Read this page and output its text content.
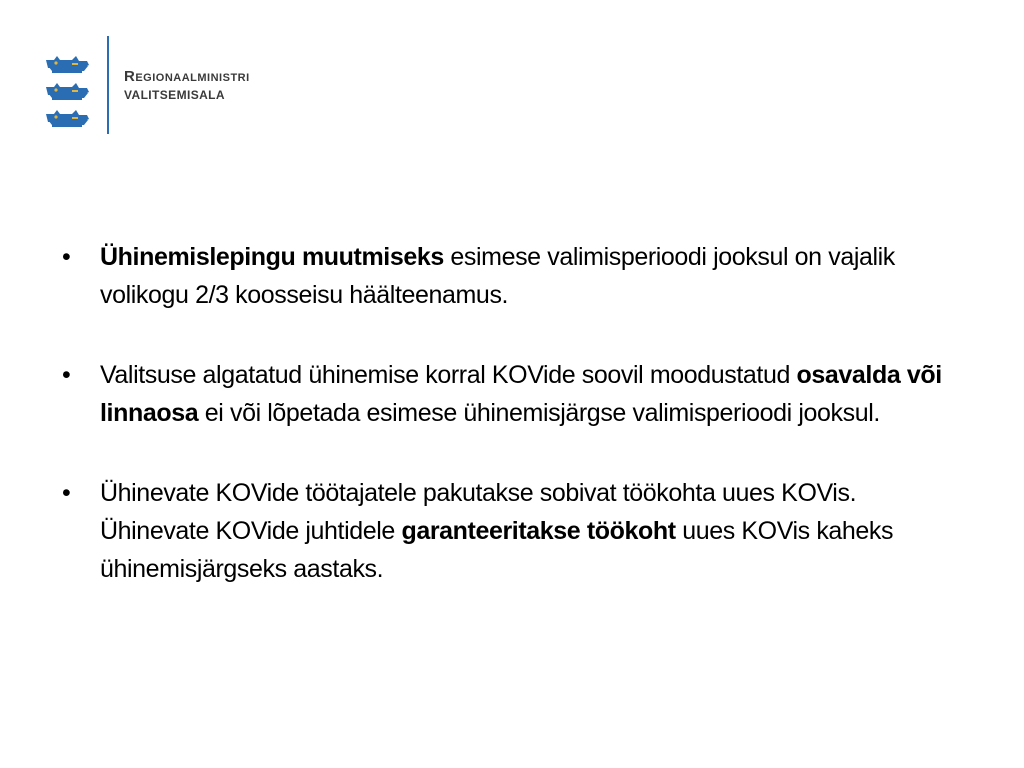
Regionaalministri
VALITSEMISALA
• Ühinemislepingu muutmiseks esimese valimisperioodi jooksul on vajalik volikogu 2/3 koosseisu häälteenamus.
• Valitsuse algatatud ühinemise korral KOVide soovil moodustatud osavalda või linnaosa ei või lõpetada esimese ühinemisjärgse valimisperioodi jooksul.
• Ühinevate KOVide töötajatele pakutakse sobivat töökohta uues KOVis. Ühinevate KOVide juhtidele garanteeritakse töökoht uues KOVis kaheks ühinemisjärgseks aastaks.
